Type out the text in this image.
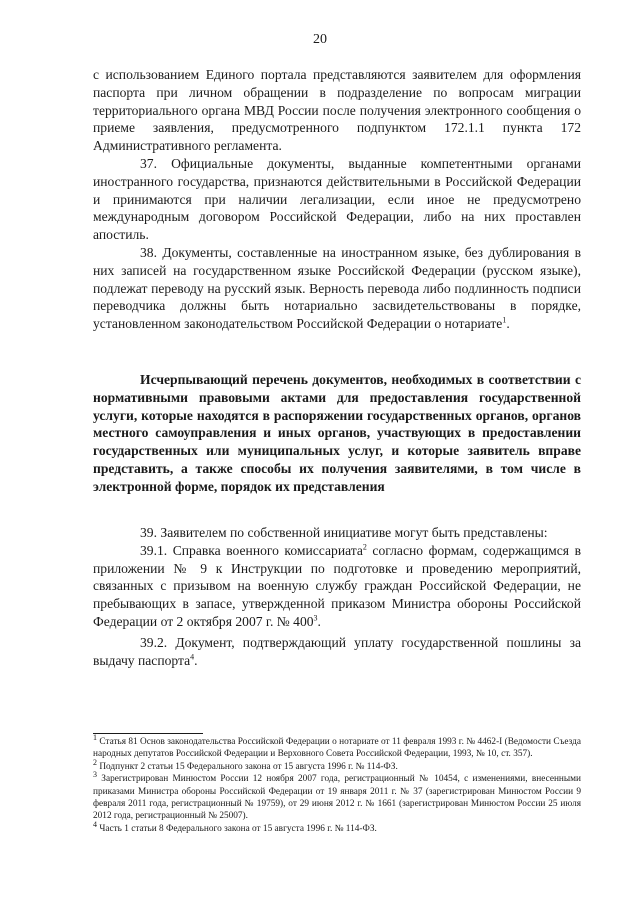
20

с использованием Единого портала представляются заявителем для оформления паспорта при личном обращении в подразделение по вопросам миграции территориального органа МВД России после получения электронного сообщения о приеме заявления, предусмотренного подпунктом 172.1.1 пункта 172 Административного регламента.

37. Официальные документы, выданные компетентными органами иностранного государства, признаются действительными в Российской Федерации и принимаются при наличии легализации, если иное не предусмотрено международным договором Российской Федерации, либо на них проставлен апостиль.

38. Документы, составленные на иностранном языке, без дублирования в них записей на государственном языке Российской Федерации (русском языке), подлежат переводу на русский язык. Верность перевода либо подлинность подписи переводчика должны быть нотариально засвидетельствованы в порядке, установленном законодательством Российской Федерации о нотариате$^1$.

Исчерпывающий перечень документов, необходимых в соответствии с нормативными правовыми актами для предоставления государственной услуги, которые находятся в распоряжении государственных органов, органов местного самоуправления и иных органов, участвующих в предоставлении государственных или муниципальных услуг, и которые заявитель вправе представить, а также способы их получения заявителями, в том числе в электронной форме, порядок их представления

39. Заявителем по собственной инициативе могут быть представлены:

39.1. Справка военного комиссариата$^2$ согласно формам, содержащимся в приложении № 9 к Инструкции по подготовке и проведению мероприятий, связанных с призывом на военную службу граждан Российской Федерации, не пребывающих в запасе, утвержденной приказом Министра обороны Российской Федерации от 2 октября 2007 г. № $400^3$.

39.2. Документ, подтверждающий уплату государственной пошлины за выдачу паспорта$^4$.

$^1$ Статья 81 Основ законодательства Российской Федерации о нотариате от 11 февраля 1993 г. № 4462-I (Ведомости Съезда народных депутатов Российской Федерации и Верховного Совета Российской Федерации, 1993, № 10, ст. 357).

$^2$ Подпункт 2 статьи 15 Федерального закона от 15 августа 1996 г. № 114-ФЗ.

$^3$ Зарегистрирован Минюстом России 12 ноября 2007 года, регистрационный № 10454, с изменениями, внесенными приказами Министра обороны Российской Федерации от 19 января 2011 г. № 37 (зарегистрирован Минюстом России 9 февраля 2011 года, регистрационный № 19759), от 29 июня 2012 г. № 1661 (зарегистрирован Минюстом России 25 июля 2012 года, регистрационный № 25007).

$^4$ Часть 1 статьи 8 Федерального закона от 15 августа 1996 г. № 114-ФЗ.
